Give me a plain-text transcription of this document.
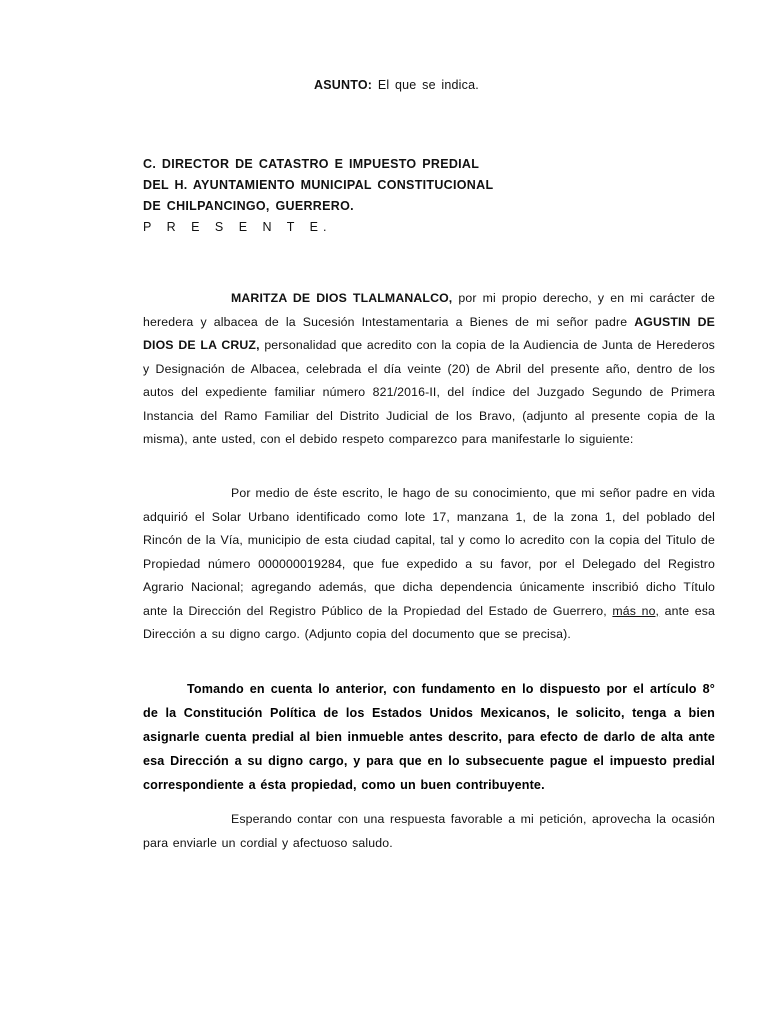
ASUNTO: El que se indica.
C. DIRECTOR DE CATASTRO E IMPUESTO PREDIAL
DEL H. AYUNTAMIENTO MUNICIPAL CONSTITUCIONAL
DE CHILPANCINGO, GUERRERO.
P R E S E N T E.
MARITZA DE DIOS TLALMANALCO, por mi propio derecho, y en mi carácter de heredera y albacea de la Sucesión Intestamentaria a Bienes de mi señor padre AGUSTIN DE DIOS DE LA CRUZ, personalidad que acredito con la copia de la Audiencia de Junta de Herederos y Designación de Albacea, celebrada el día veinte (20) de Abril del presente año, dentro de los autos del expediente familiar número 821/2016-II, del índice del Juzgado Segundo de Primera Instancia del Ramo Familiar del Distrito Judicial de los Bravo, (adjunto al presente copia de la misma), ante usted, con el debido respeto comparezco para manifestarle lo siguiente:
Por medio de éste escrito, le hago de su conocimiento, que mi señor padre en vida adquirió el Solar Urbano identificado como lote 17, manzana 1, de la zona 1, del poblado del Rincón de la Vía, municipio de esta ciudad capital, tal y como lo acredito con la copia del Titulo de Propiedad número 000000019284, que fue expedido a su favor, por el Delegado del Registro Agrario Nacional; agregando además, que dicha dependencia únicamente inscribió dicho Título ante la Dirección del Registro Público de la Propiedad del Estado de Guerrero, más no, ante esa Dirección a su digno cargo. (Adjunto copia del documento que se precisa).
Tomando en cuenta lo anterior, con fundamento en lo dispuesto por el artículo 8° de la Constitución Política de los Estados Unidos Mexicanos, le solicito, tenga a bien asignarle cuenta predial al bien inmueble antes descrito, para efecto de darlo de alta ante esa Dirección a su digno cargo, y para que en lo subsecuente pague el impuesto predial correspondiente a ésta propiedad, como un buen contribuyente.
Esperando contar con una respuesta favorable a mi petición, aprovecha la ocasión para enviarle un cordial y afectuoso saludo.
